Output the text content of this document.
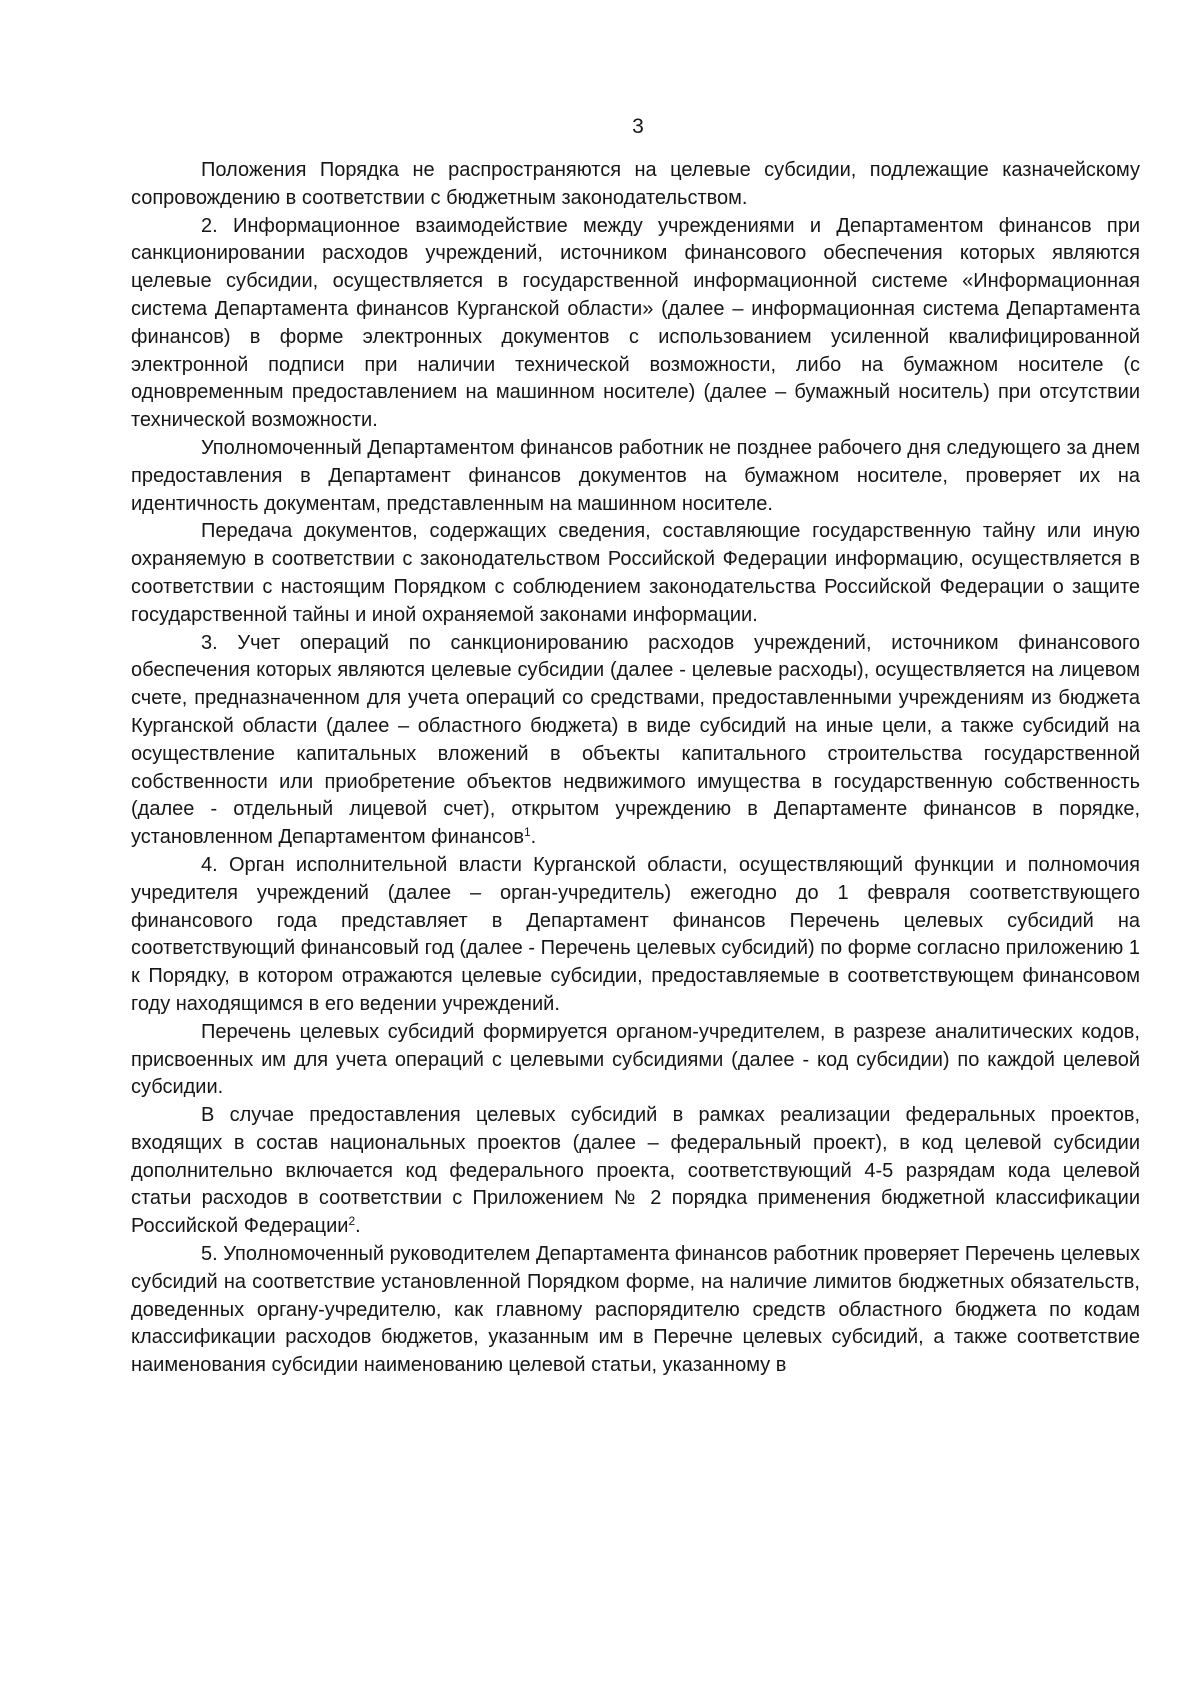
3

Положения Порядка не распространяются на целевые субсидии, подлежащие казначейскому сопровождению в соответствии с бюджетным законодательством.

2. Информационное взаимодействие между учреждениями и Департаментом финансов при санкционировании расходов учреждений, источником финансового обеспечения которых являются целевые субсидии, осуществляется в государственной информационной системе «Информационная система Департамента финансов Курганской области» (далее – информационная система Департамента финансов) в форме электронных документов с использованием усиленной квалифицированной электронной подписи при наличии технической возможности, либо на бумажном носителе (с одновременным предоставлением на машинном носителе) (далее – бумажный носитель) при отсутствии технической возможности.

Уполномоченный Департаментом финансов работник не позднее рабочего дня следующего за днем предоставления в Департамент финансов документов на бумажном носителе, проверяет их на идентичность документам, представленным на машинном носителе.

Передача документов, содержащих сведения, составляющие государственную тайну или иную охраняемую в соответствии с законодательством Российской Федерации информацию, осуществляется в соответствии с настоящим Порядком с соблюдением законодательства Российской Федерации о защите государственной тайны и иной охраняемой законами информации.

3. Учет операций по санкционированию расходов учреждений, источником финансового обеспечения которых являются целевые субсидии (далее - целевые расходы), осуществляется на лицевом счете, предназначенном для учета операций со средствами, предоставленными учреждениям из бюджета Курганской области (далее – областного бюджета) в виде субсидий на иные цели, а также субсидий на осуществление капитальных вложений в объекты капитального строительства государственной собственности или приобретение объектов недвижимого имущества в государственную собственность (далее - отдельный лицевой счет), открытом учреждению в Департаменте финансов в порядке, установленном Департаментом финансов$^1$.

4. Орган исполнительной власти Курганской области, осуществляющий функции и полномочия учредителя учреждений (далее – орган-учредитель) ежегодно до 1 февраля соответствующего финансового года представляет в Департамент финансов Перечень целевых субсидий на соответствующий финансовый год (далее - Перечень целевых субсидий) по форме согласно приложению 1 к Порядку, в котором отражаются целевые субсидии, предоставляемые в соответствующем финансовом году находящимся в его ведении учреждений.

Перечень целевых субсидий формируется органом-учредителем, в разрезе аналитических кодов, присвоенных им для учета операций с целевыми субсидиями (далее - код субсидии) по каждой целевой субсидии.

В случае предоставления целевых субсидий в рамках реализации федеральных проектов, входящих в состав национальных проектов (далее – федеральный проект), в код целевой субсидии дополнительно включается код федерального проекта, соответствующий 4-5 разрядам кода целевой статьи расходов в соответствии с Приложением № 2 порядка применения бюджетной классификации Российской Федерации$^2$.

5. Уполномоченный руководителем Департамента финансов работник проверяет Перечень целевых субсидий на соответствие установленной Порядком форме, на наличие лимитов бюджетных обязательств, доведенных органу-учредителю, как главному распорядителю средств областного бюджета по кодам классификации расходов бюджетов, указанным им в Перечне целевых субсидий, а также соответствие наименования субсидии наименованию целевой статьи, указанному в
